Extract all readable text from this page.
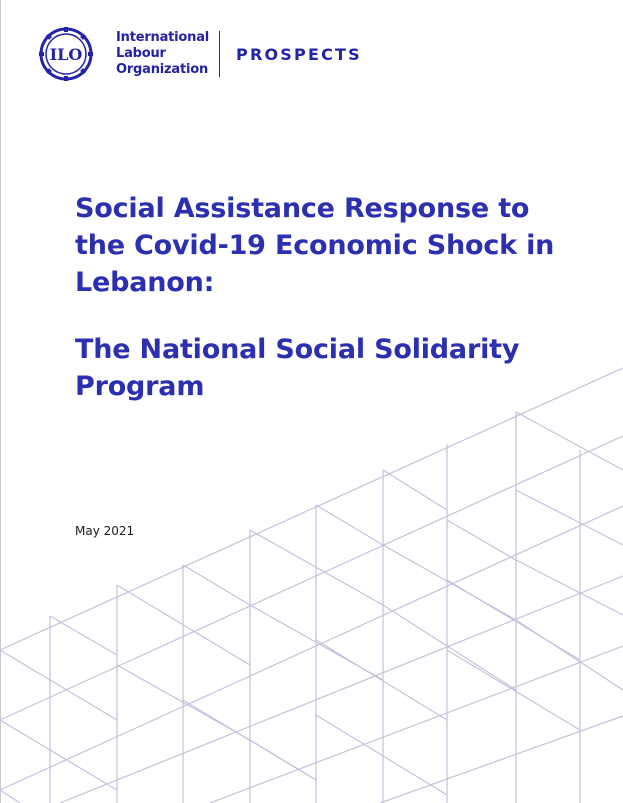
ILO
International
Labour
Organization
PROSPECTS
Social Assistance Response to the Covid-19 Economic Shock in Lebanon:
The National Social Solidarity Program
May 2021
